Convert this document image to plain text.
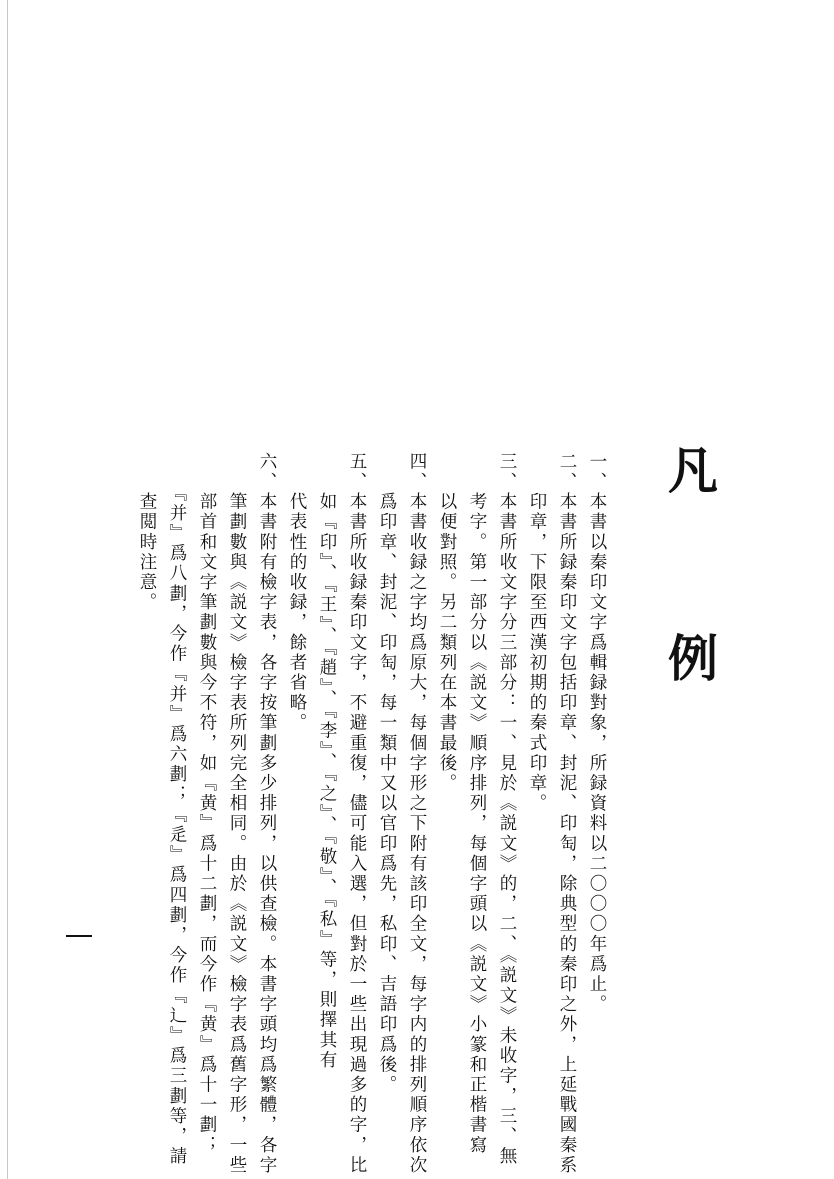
凡　例
一、本書以秦印文字爲輯録對象，所録資料以二〇〇〇年爲止。
二、本書所録秦印文字包括印章、封泥、印匋，除典型的秦印之外，上延戰國秦系
　　印章，下限至西漢初期的秦式印章。
三、本書所收文字分三部分：一、見於《説文》的，二、《説文》未收字，三、無
　　考字。第一部分以《説文》順序排列，每個字頭以《説文》小篆和正楷書寫
　　以便對照。另二類列在本書最後。
四、本書收録之字均爲原大，每個字形之下附有該印全文，每字内的排列順序依次
　　爲印章、封泥、印匋，每一類中又以官印爲先，私印、吉語印爲後。
五、本書所收録秦印文字，不避重復，儘可能入選，但對於一些出現過多的字，比
　　如『印』、『王』、『趙』、『李』、『之』、『敬』、『私』等，則擇其有
　　代表性的收録，餘者省略。
六、本書附有檢字表，各字按筆劃多少排列，以供查檢。本書字頭均爲繁體，各字
　　筆劃數與《説文》檢字表所列完全相同。由於《説文》檢字表爲舊字形，一些
　　部首和文字筆劃數與今不符，如『黄』爲十二劃，而今作『黄』爲十一劃；
　　『并』爲八劃，今作『并』爲六劃；『辵』爲四劃，今作『辶』爲三劃等，請
　　查閲時注意。
